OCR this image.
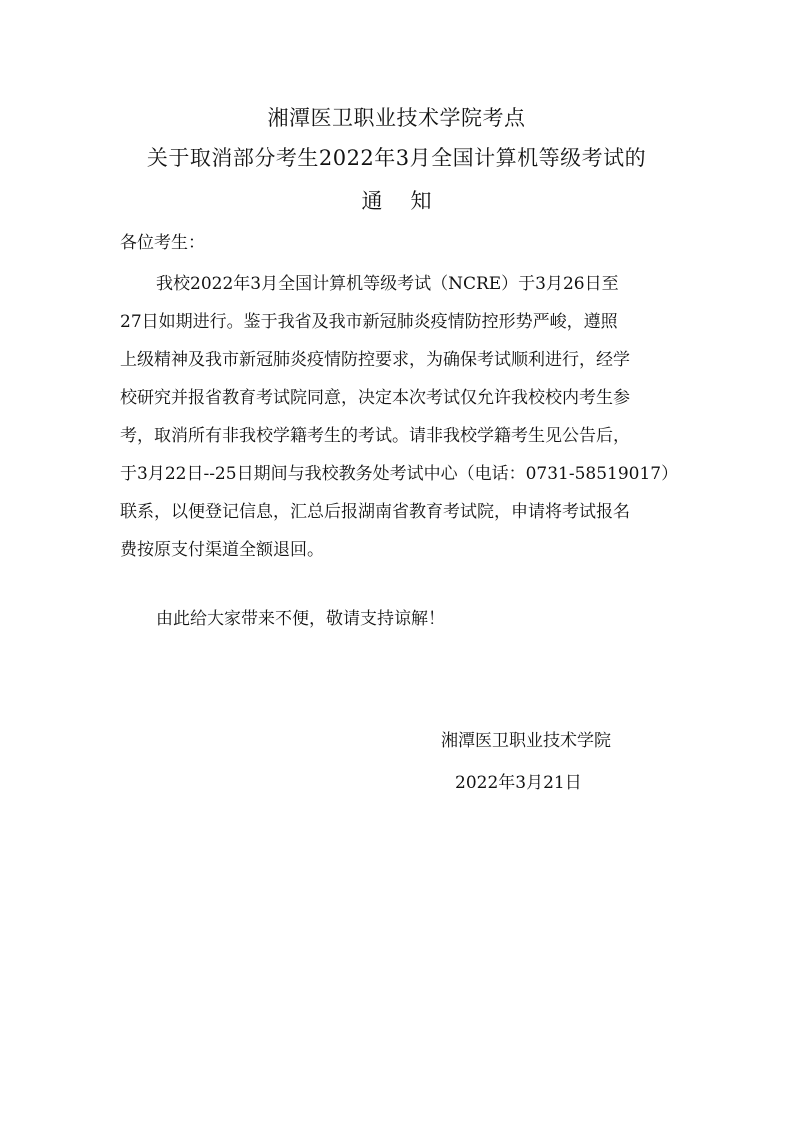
湘潭医卫职业技术学院考点
关于取消部分考生2022年3月全国计算机等级考试的
通知
各位考生：
我校2022年3月全国计算机等级考试（NCRE）于3月26日至
27日如期进行。鉴于我省及我市新冠肺炎疫情防控形势严峻，遵照
上级精神及我市新冠肺炎疫情防控要求，为确保考试顺利进行，经学
校研究并报省教育考试院同意，决定本次考试仅允许我校校内考生参
考，取消所有非我校学籍考生的考试。请非我校学籍考生见公告后，
于3月22日--25日期间与我校教务处考试中心（电话：0731-58519017）
联系，以便登记信息，汇总后报湖南省教育考试院，申请将考试报名
费按原支付渠道全额退回。
由此给大家带来不便，敬请支持谅解！
湘潭医卫职业技术学院
2022年3月21日
